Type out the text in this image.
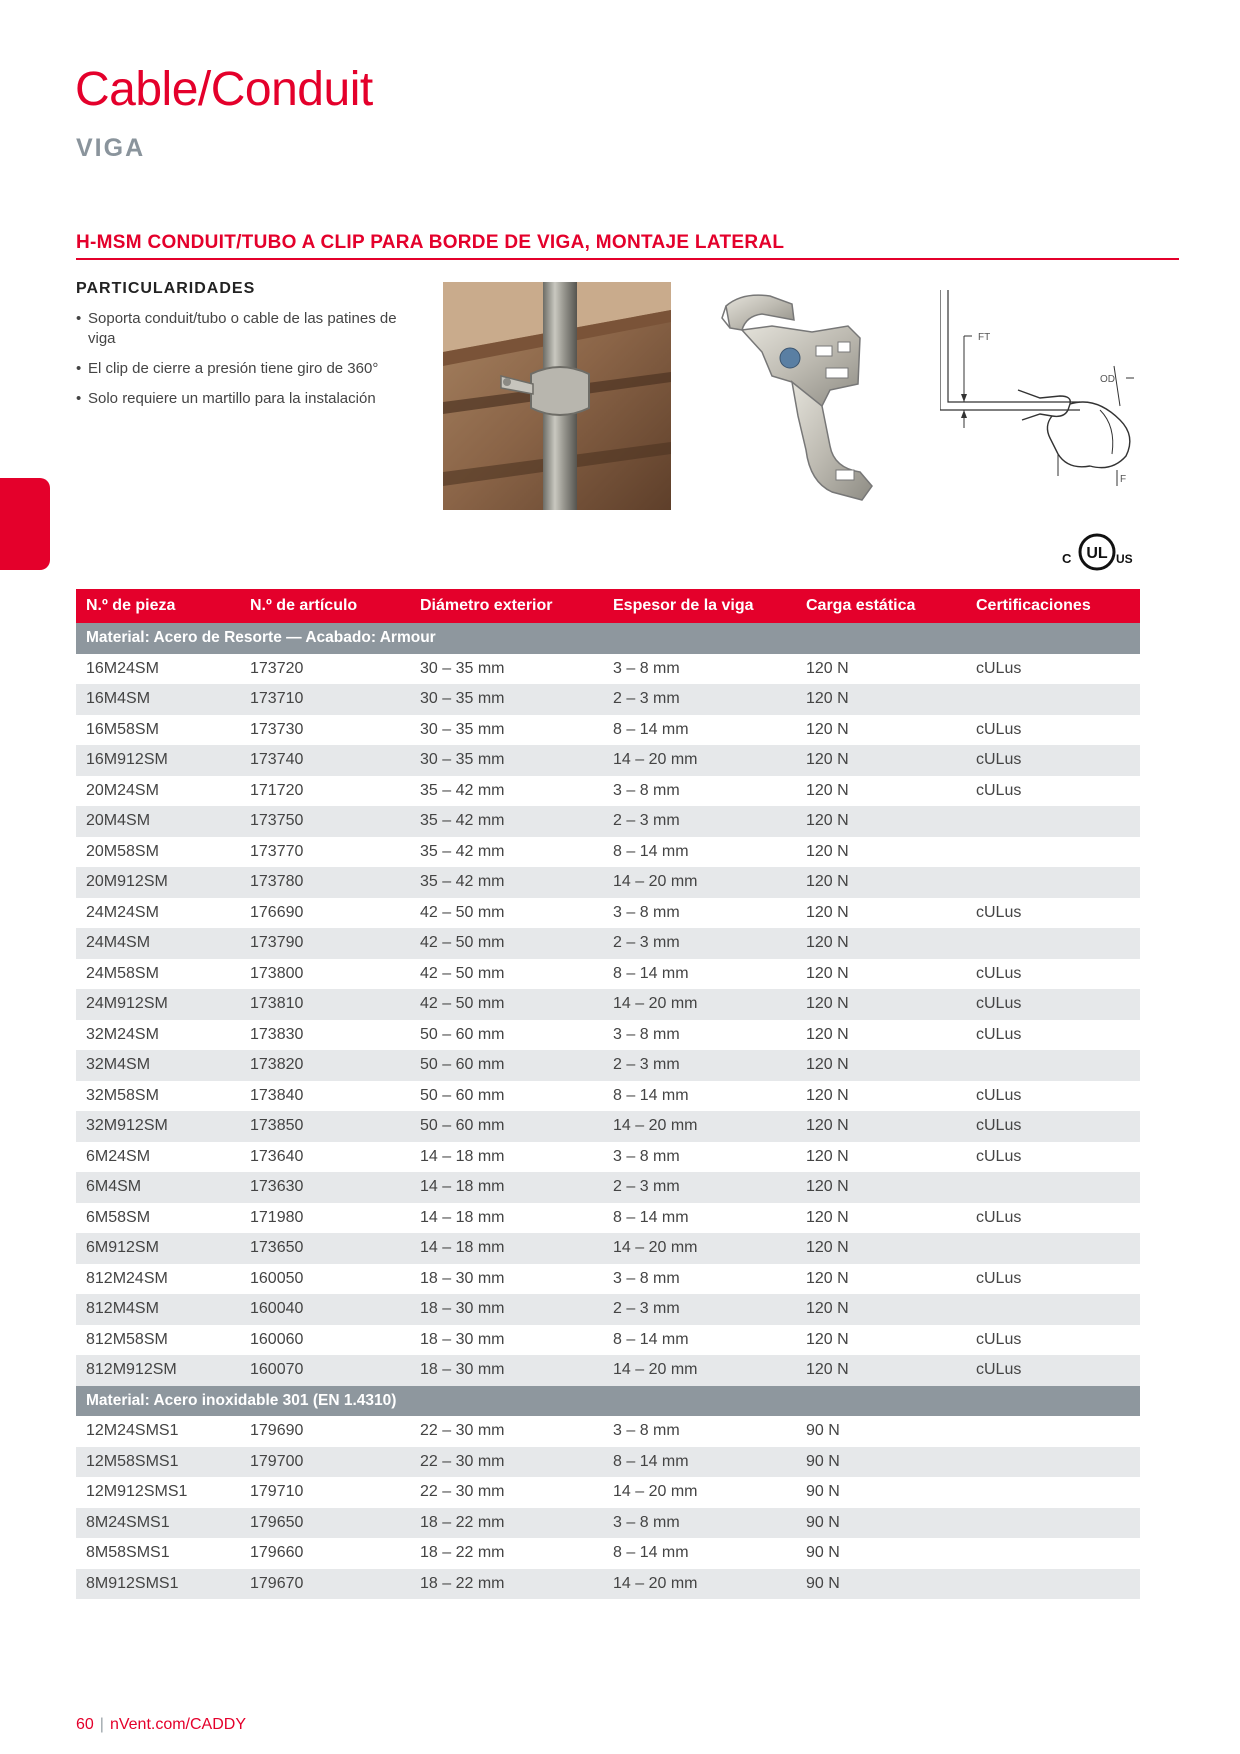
Cable/Conduit
VIGA
H-MSM CONDUIT/TUBO A CLIP PARA BORDE DE VIGA, MONTAJE LATERAL
PARTICULARIDADES
• Soporta conduit/tubo o cable de las patines de viga
• El clip de cierre a presión tiene giro de 360°
• Solo requiere un martillo para la instalación
FT
OD
F
UL
C	US
N.º de pieza	N.º de artículo	Diámetro exterior	Espesor de la viga	Carga estática	Certificaciones
Material: Acero de Resorte — Acabado: Armour					
16M24SM	173720	30 – 35 mm	3 – 8 mm	120 N	cULus
16M4SM	173710	30 – 35 mm	2 – 3 mm	120 N	
16M58SM	173730	30 – 35 mm	8 – 14 mm	120 N	cULus
16M912SM	173740	30 – 35 mm	14 – 20 mm	120 N	cULus
20M24SM	171720	35 – 42 mm	3 – 8 mm	120 N	cULus
20M4SM	173750	35 – 42 mm	2 – 3 mm	120 N	
20M58SM	173770	35 – 42 mm	8 – 14 mm	120 N	
20M912SM	173780	35 – 42 mm	14 – 20 mm	120 N	
24M24SM	176690	42 – 50 mm	3 – 8 mm	120 N	cULus
24M4SM	173790	42 – 50 mm	2 – 3 mm	120 N	
24M58SM	173800	42 – 50 mm	8 – 14 mm	120 N	cULus
24M912SM	173810	42 – 50 mm	14 – 20 mm	120 N	cULus
32M24SM	173830	50 – 60 mm	3 – 8 mm	120 N	cULus
32M4SM	173820	50 – 60 mm	2 – 3 mm	120 N	
32M58SM	173840	50 – 60 mm	8 – 14 mm	120 N	cULus
32M912SM	173850	50 – 60 mm	14 – 20 mm	120 N	cULus
6M24SM	173640	14 – 18 mm	3 – 8 mm	120 N	cULus
6M4SM	173630	14 – 18 mm	2 – 3 mm	120 N	
6M58SM	171980	14 – 18 mm	8 – 14 mm	120 N	cULus
6M912SM	173650	14 – 18 mm	14 – 20 mm	120 N	
812M24SM	160050	18 – 30 mm	3 – 8 mm	120 N	cULus
812M4SM	160040	18 – 30 mm	2 – 3 mm	120 N	
812M58SM	160060	18 – 30 mm	8 – 14 mm	120 N	cULus
812M912SM	160070	18 – 30 mm	14 – 20 mm	120 N	cULus
Material: Acero inoxidable 301 (EN 1.4310)					
12M24SMS1	179690	22 – 30 mm	3 – 8 mm	90 N	
12M58SMS1	179700	22 – 30 mm	8 – 14 mm	90 N	
12M912SMS1	179710	22 – 30 mm	14 – 20 mm	90 N	
8M24SMS1	179650	18 – 22 mm	3 – 8 mm	90 N	
8M58SMS1	179660	18 – 22 mm	8 – 14 mm	90 N	
8M912SMS1	179670	18 – 22 mm	14 – 20 mm	90 N	
60 | nVent.com/CADDY
